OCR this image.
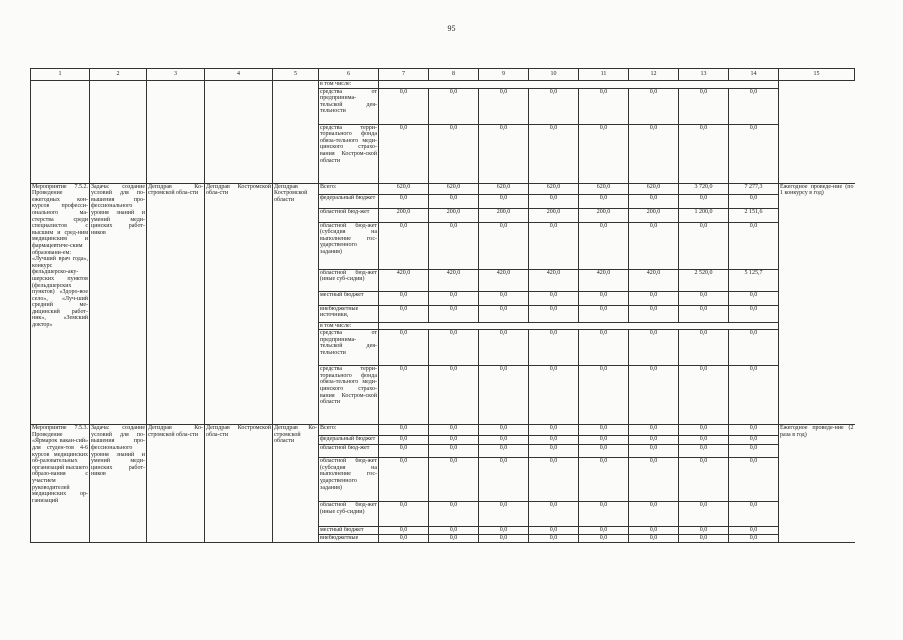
95
1	2	3	4	5	6	7	8	9	10	11	12	13	14	15
					в том числе:									
					средства от предпринима-тельской дея-тельности	0,0	0,0	0,0	0,0	0,0	0,0	0,0	0,0	
					средства терри-ториального фонда обяза-тельного меди-цинского страхо-вания Костром-ской области	0,0	0,0	0,0	0,0	0,0	0,0	0,0	0,0	
Мероприятие 7.5.2. Проведение ежегодных кон-курсов професси-онального ма-стерства среди специалистов с высшим и сред-ним медицинским и фармацевтиче-ским образовани-ем: «Лучший врач года», конкурс фельдшерско-аку-шерских пунктов (фельдшерских пунктов) «Здоро-вое село», «Луч-ший средний ме-дицинский работ-ник», «Земский доктор»	Задача: создание условий для по-вышения про-фессионального уровня знаний и умений меди-цинских работ-ников	Депздрав Ко-стромской обла-сти	Депздрав Костромской обла-сти	Депздрав Костромской области	Всего:	620,0	620,0	620,0	620,0	620,0	620,0	3 720,0	7 277,3	Ежегодное проведе-ние (по 1 конкурсу в год)
					федеральный бюджет	0,0	0,0	0,0	0,0	0,0	0,0	0,0	0,0	
					областной бюд-жет	200,0	200,0	200,0	200,0	200,0	200,0	1 200,0	2 151,6	
					областной бюд-жет (субсидия на выполнение гос-ударственного задания)	0,0	0,0	0,0	0,0	0,0	0,0	0,0	0,0	
					областной бюд-жет (иные суб-сидии)	420,0	420,0	420,0	420,0	420,0	420,0	2 520,0	5 125,7	
					местный бюджет	0,0	0,0	0,0	0,0	0,0	0,0	0,0	0,0	
					внебюджетные источники,	0,0	0,0	0,0	0,0	0,0	0,0	0,0	0,0	
					в том числе:									
					средства от предпринима-тельской дея-тельности	0,0	0,0	0,0	0,0	0,0	0,0	0,0	0,0	
					средства терри-ториального фонда обяза-тельного меди-цинского страхо-вания Костром-ской области	0,0	0,0	0,0	0,0	0,0	0,0	0,0	0,0	
Мероприятие 7.5.3. Проведение «Ярмарок вакан-сий» для студен-тов 4-6 курсов медицинских об-разовательных организаций высшего образо-вания с участием руководителей медицинских ор-ганизаций	Задача: создание условий для по-вышения про-фессионального уровня знаний и умений меди-цинских работ-ников	Депздрав Ко-стромской обла-сти	Депздрав Костромской обла-сти	Депздрав Ко-стромской области	Всего:	0,0	0,0	0,0	0,0	0,0	0,0	0,0	0,0	Ежегодное проведе-ние (2 раза в год)
					федеральный бюджет	0,0	0,0	0,0	0,0	0,0	0,0	0,0	0,0	
					областной бюд-жет	0,0	0,0	0,0	0,0	0,0	0,0	0,0	0,0	
					областной бюд-жет (субсидия на выполнение гос-ударственного задания)	0,0	0,0	0,0	0,0	0,0	0,0	0,0	0,0	
					областной бюд-жет (иные суб-сидии)	0,0	0,0	0,0	0,0	0,0	0,0	0,0	0,0	
					местный бюджет	0,0	0,0	0,0	0,0	0,0	0,0	0,0	0,0	
					внебюджетные	0,0	0,0	0,0	0,0	0,0	0,0	0,0	0,0	
